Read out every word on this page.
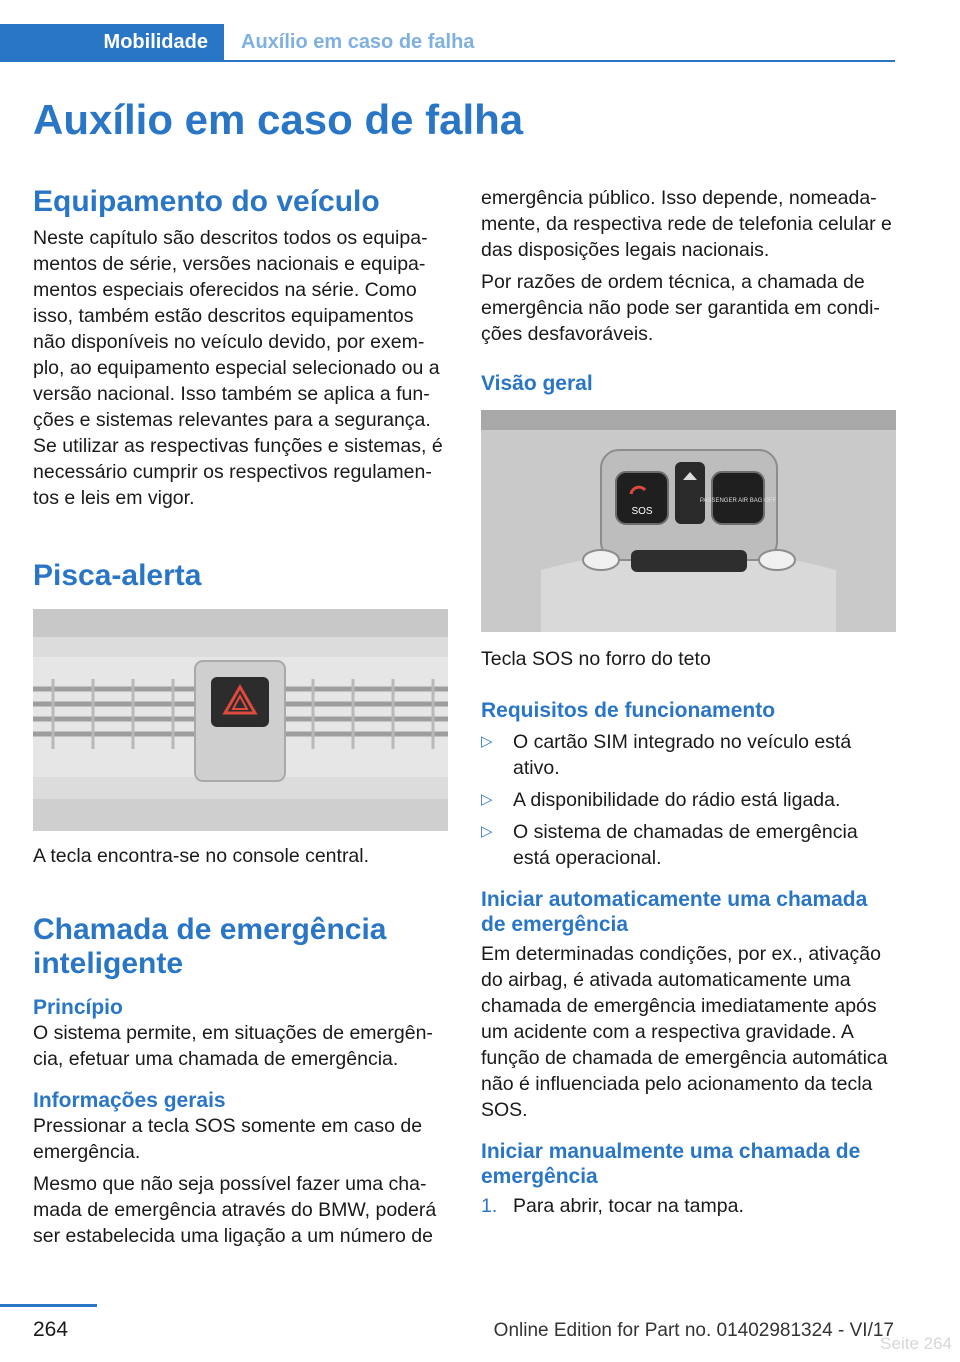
Mobilidade	Auxílio em caso de falha
Auxílio em caso de falha
Equipamento do veículo

Neste capítulo são descritos todos os equipa-mentos de série, versões nacionais e equipa-mentos especiais oferecidos na série. Como isso, também estão descritos equipamentos não disponíveis no veículo devido, por exem-plo, ao equipamento especial selecionado ou a versão nacional. Isso também se aplica a fun-ções e sistemas relevantes para a segurança. Se utilizar as respectivas funções e sistemas, é necessário cumprir os respectivos regulamen-tos e leis em vigor.

Pisca-alerta

A tecla encontra-se no console central.

Chamada de emergência inteligente
Princípio

O sistema permite, em situações de emergên-cia, efetuar uma chamada de emergência.

Informações gerais

Pressionar a tecla SOS somente em caso de emergência.

Mesmo que não seja possível fazer uma cha-mada de emergência através do BMW, poderá ser estabelecida uma ligação a um número de

emergência público. Isso depende, nomeada-mente, da respectiva rede de telefonia celular e das disposições legais nacionais.

Por razões de ordem técnica, a chamada de emergência não pode ser garantida em condi-ções desfavoráveis.

Visão geral
SOS
PASSENGER AIR BAG OFF

Tecla SOS no forro do teto

Requisitos de funcionamento
▷	O cartão SIM integrado no veículo está ativo.
▷	A disponibilidade do rádio está ligada.
▷	O sistema de chamadas de emergência está operacional.
Iniciar automaticamente uma chamada de emergência

Em determinadas condições, por ex., ativação do airbag, é ativada automaticamente uma chamada de emergência imediatamente após um acidente com a respectiva gravidade. A função de chamada de emergência automática não é influenciada pelo acionamento da tecla SOS.

Iniciar manualmente uma chamada de emergência
1. Para abrir, tocar na tampa.
264	Online Edition for Part no. 01402981324 - VI/17
Seite 264
